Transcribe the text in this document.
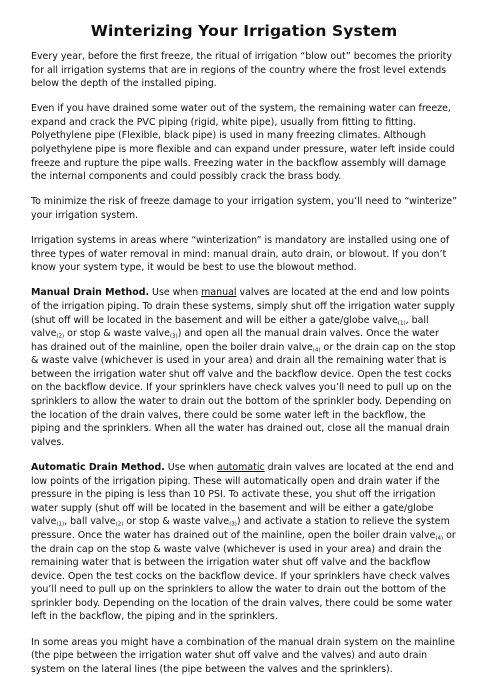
Winterizing Your Irrigation System

Every year, before the first freeze, the ritual of irrigation “blow out” becomes the priority for all irrigation systems that are in regions of the country where the frost level extends below the depth of the installed piping.

Even if you have drained some water out of the system, the remaining water can freeze, expand and crack the PVC piping (rigid, white pipe), usually from fitting to fitting. Polyethylene pipe (Flexible, black pipe) is used in many freezing climates. Although polyethylene pipe is more flexible and can expand under pressure, water left inside could freeze and rupture the pipe walls. Freezing water in the backflow assembly will damage the internal components and could possibly crack the brass body.

To minimize the risk of freeze damage to your irrigation system, you’ll need to “winterize” your irrigation system.

Irrigation systems in areas where “winterization” is mandatory are installed using one of three types of water removal in mind: manual drain, auto drain, or blowout. If you don’t know your system type, it would be best to use the blowout method.

Manual Drain Method. Use when manual valves are located at the end and low points of the irrigation piping. To drain these systems, simply shut off the irrigation water supply (shut off will be located in the basement and will be either a gate/globe valve$_{(1)}$, ball valve$_{(2)}$ or stop & waste valve$_{(3)}$) and open all the manual drain valves. Once the water has drained out of the mainline, open the boiler drain valve$_{(4)}$ or the drain cap on the stop & waste valve (whichever is used in your area) and drain all the remaining water that is between the irrigation water shut off valve and the backflow device. Open the test cocks on the backflow device. If your sprinklers have check valves you’ll need to pull up on the sprinklers to allow the water to drain out the bottom of the sprinkler body. Depending on the location of the drain valves, there could be some water left in the backflow, the piping and the sprinklers. When all the water has drained out, close all the manual drain valves.

Automatic Drain Method. Use when automatic drain valves are located at the end and low points of the irrigation piping. These will automatically open and drain water if the pressure in the piping is less than 10 PSI. To activate these, you shut off the irrigation water supply (shut off will be located in the basement and will be either a gate/globe valve$_{(1)}$, ball valve$_{(2)}$ or stop & waste valve$_{(3)}$) and activate a station to relieve the system pressure. Once the water has drained out of the mainline, open the boiler drain valve$_{(4)}$ or the drain cap on the stop & waste valve (whichever is used in your area) and drain the remaining water that is between the irrigation water shut off valve and the backflow device. Open the test cocks on the backflow device. If your sprinklers have check valves you’ll need to pull up on the sprinklers to allow the water to drain out the bottom of the sprinkler body. Depending on the location of the drain valves, there could be some water left in the backflow, the piping and in the sprinklers.

In some areas you might have a combination of the manual drain system on the mainline (the pipe between the irrigation water shut off valve and the valves) and auto drain system on the lateral lines (the pipe between the valves and the sprinklers).
